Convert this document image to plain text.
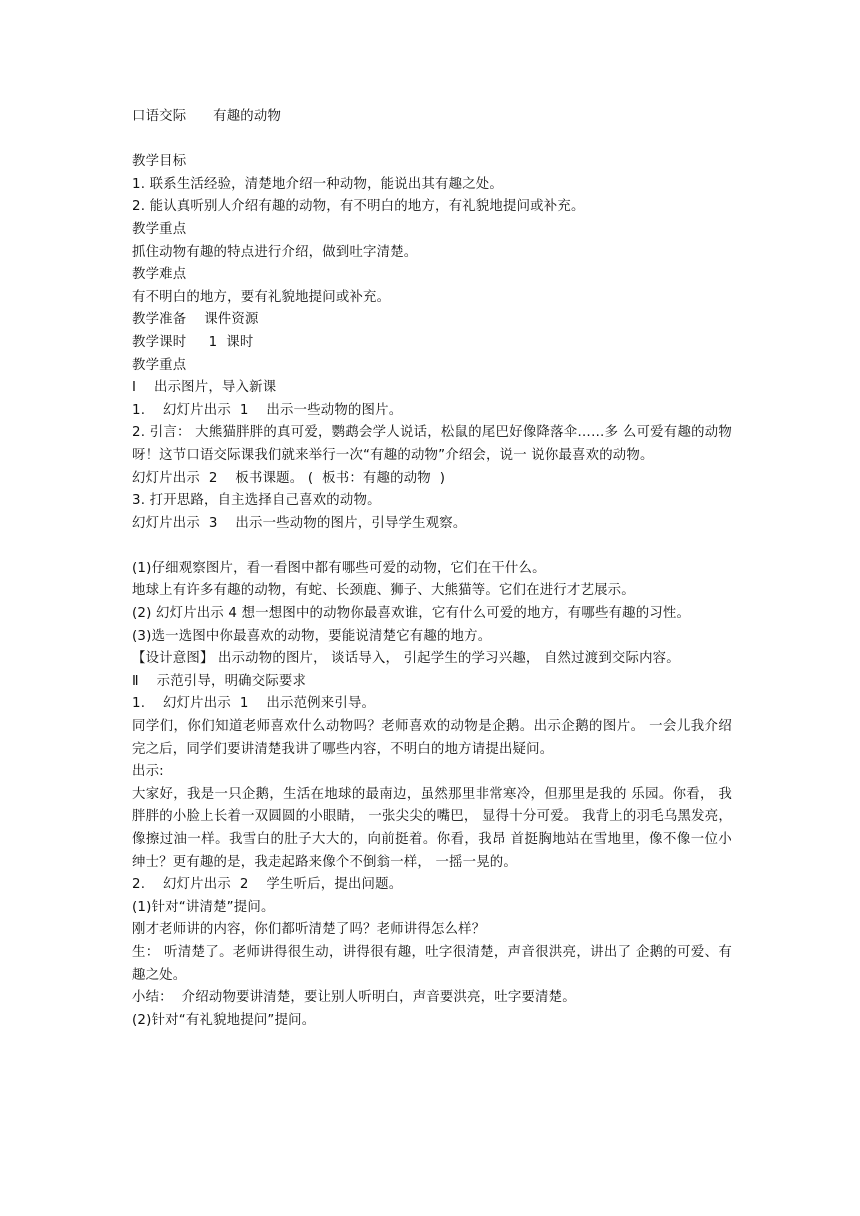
口语交际      有趣的动物

教学目标

1. 联系生活经验，清楚地介绍一种动物，能说出其有趣之处。

2. 能认真听别人介绍有趣的动物，有不明白的地方，有礼貌地提问或补充。

教学重点

抓住动物有趣的特点进行介绍，做到吐字清楚。

教学难点

有不明白的地方，要有礼貌地提问或补充。

教学准备    课件资源

教学课时     1  课时

教学重点

Ⅰ    出示图片，导入新课

1.    幻灯片出示  1    出示一些动物的图片。

2. 引言： 大熊猫胖胖的真可爱，鹦鹉会学人说话，松鼠的尾巴好像降落伞……多 么可爱有趣的动物呀！这节口语交际课我们就来举行一次“有趣的动物”介绍会，说一 说你最喜欢的动物。

幻灯片出示  2    板书课题。 (  板书：有趣的动物  )

3. 打开思路，自主选择自己喜欢的动物。

幻灯片出示  3    出示一些动物的图片，引导学生观察。

(1)仔细观察图片，看一看图中都有哪些可爱的动物，它们在干什么。

地球上有许多有趣的动物，有蛇、长颈鹿、狮子、大熊猫等。它们在进行才艺展示。

(2) 幻灯片出示 4 想一想图中的动物你最喜欢谁，它有什么可爱的地方，有哪些有趣的习性。

(3)选一选图中你最喜欢的动物，要能说清楚它有趣的地方。

【设计意图】 出示动物的图片， 谈话导入， 引起学生的学习兴趣， 自然过渡到交际内容。

Ⅱ    示范引导，明确交际要求

1.    幻灯片出示  1    出示范例来引导。

同学们，你们知道老师喜欢什么动物吗？老师喜欢的动物是企鹅。出示企鹅的图片。 一会儿我介绍完之后，同学们要讲清楚我讲了哪些内容，不明白的地方请提出疑问。

出示:

大家好，我是一只企鹅，生活在地球的最南边，虽然那里非常寒冷，但那里是我的 乐园。你看， 我胖胖的小脸上长着一双圆圆的小眼睛， 一张尖尖的嘴巴， 显得十分可爱。 我背上的羽毛乌黑发亮，像擦过油一样。我雪白的肚子大大的，向前挺着。你看，我昂 首挺胸地站在雪地里，像不像一位小绅士？更有趣的是，我走起路来像个不倒翁一样， 一摇一晃的。

2.    幻灯片出示  2    学生听后，提出问题。

(1)针对“讲清楚”提问。

刚才老师讲的内容，你们都听清楚了吗？老师讲得怎么样？

生： 听清楚了。老师讲得很生动，讲得很有趣，吐字很清楚，声音很洪亮，讲出了 企鹅的可爱、有趣之处。

小结：  介绍动物要讲清楚，要让别人听明白，声音要洪亮，吐字要清楚。

(2)针对“有礼貌地提问”提问。
